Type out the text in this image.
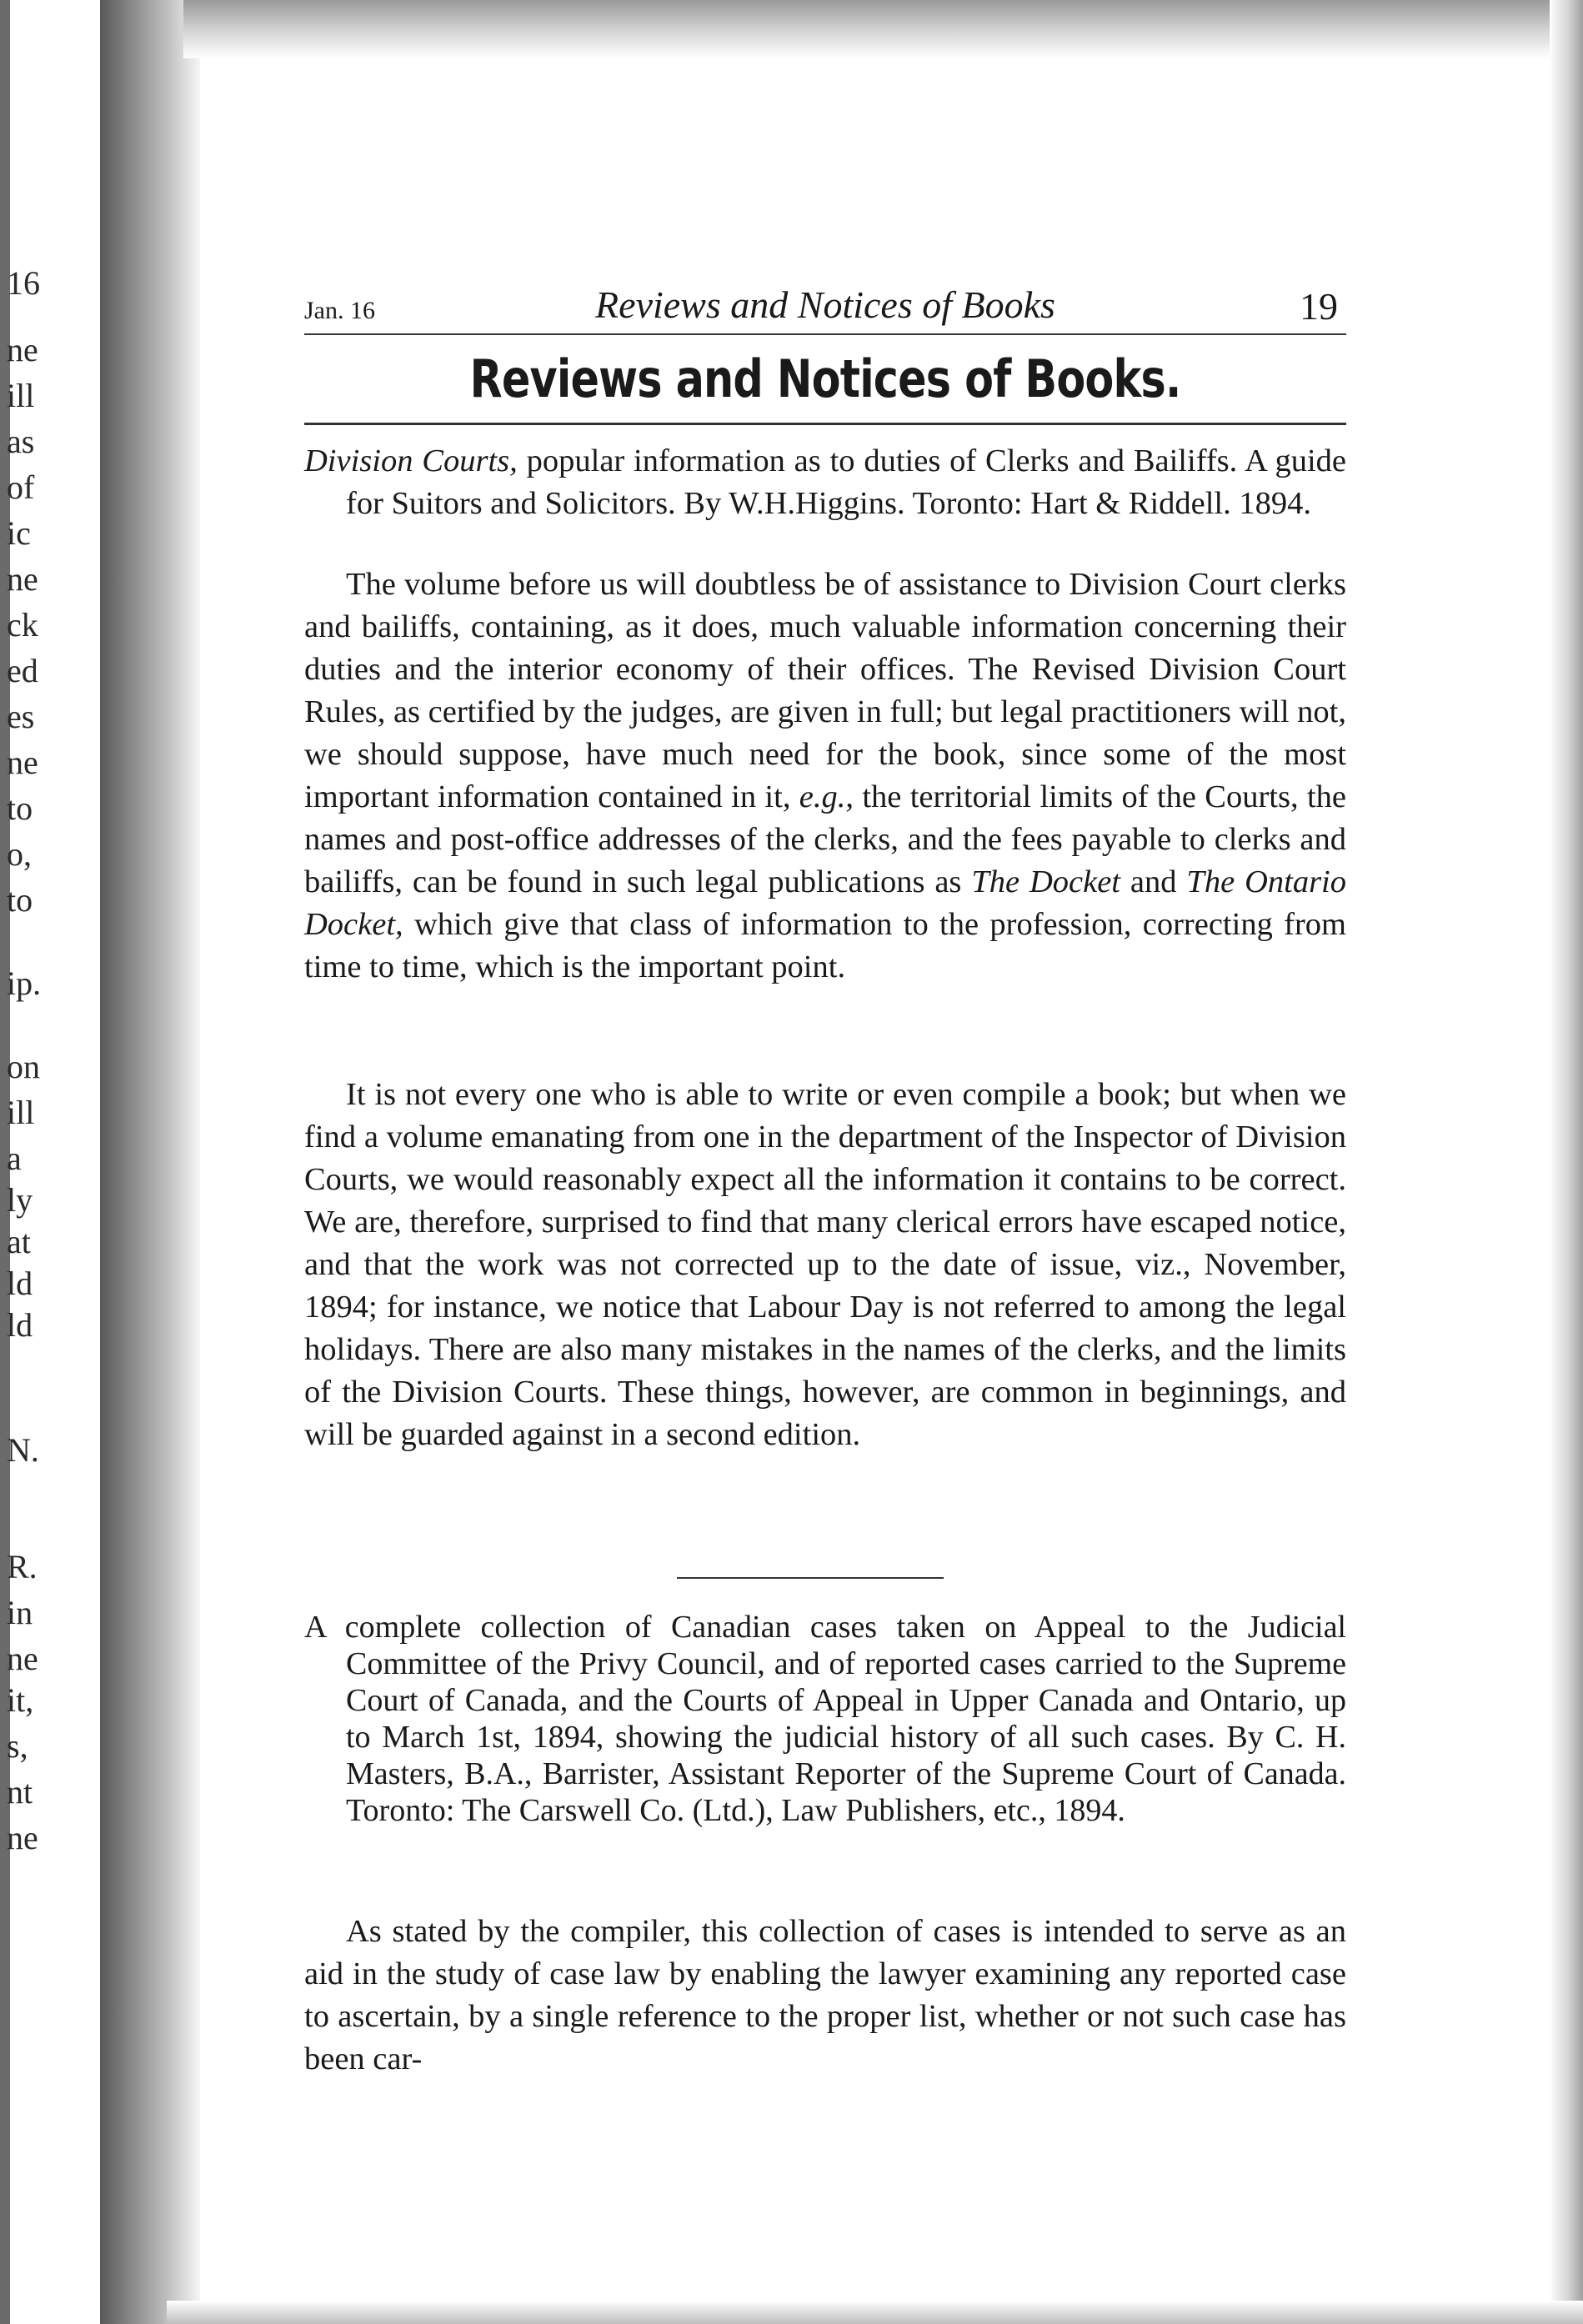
16
ne
ill
as
of
ic
ne
ck
ed
es
ne
to
o,
to
ip.
on
ill
a
ly
at
ld
ld
N.
R.
in
ne
it,
s,
nt
ne
Jan. 16	Reviews and Notices of Books	19
Reviews and Notices of Books.

Division Courts, popular information as to duties of Clerks and Bailiffs. A guide for Suitors and Solicitors. By W.H.Higgins. Toronto: Hart & Riddell. 1894.

The volume before us will doubtless be of assistance to Division Court clerks and bailiffs, containing, as it does, much valuable information concerning their duties and the interior economy of their offices. The Revised Division Court Rules, as certified by the judges, are given in full; but legal practitioners will not, we should suppose, have much need for the book, since some of the most important information contained in it, e.g., the territorial limits of the Courts, the names and post-office addresses of the clerks, and the fees payable to clerks and bailiffs, can be found in such legal publications as The Docket and The Ontario Docket, which give that class of information to the profession, correcting from time to time, which is the important point.

It is not every one who is able to write or even compile a book; but when we find a volume emanating from one in the department of the Inspector of Division Courts, we would reasonably expect all the information it contains to be correct. We are, therefore, surprised to find that many clerical errors have escaped notice, and that the work was not corrected up to the date of issue, viz., November, 1894; for instance, we notice that Labour Day is not referred to among the legal holidays. There are also many mistakes in the names of the clerks, and the limits of the Division Courts. These things, however, are common in beginnings, and will be guarded against in a second edition.

A complete collection of Canadian cases taken on Appeal to the Judicial Committee of the Privy Council, and of reported cases carried to the Supreme Court of Canada, and the Courts of Appeal in Upper Canada and Ontario, up to March 1st, 1894, showing the judicial history of all such cases. By C. H. Masters, B.A., Barrister, Assistant Reporter of the Supreme Court of Canada. Toronto: The Carswell Co. (Ltd.), Law Publishers, etc., 1894.

As stated by the compiler, this collection of cases is intended to serve as an aid in the study of case law by enabling the lawyer examining any reported case to ascertain, by a single reference to the proper list, whether or not such case has been car-
